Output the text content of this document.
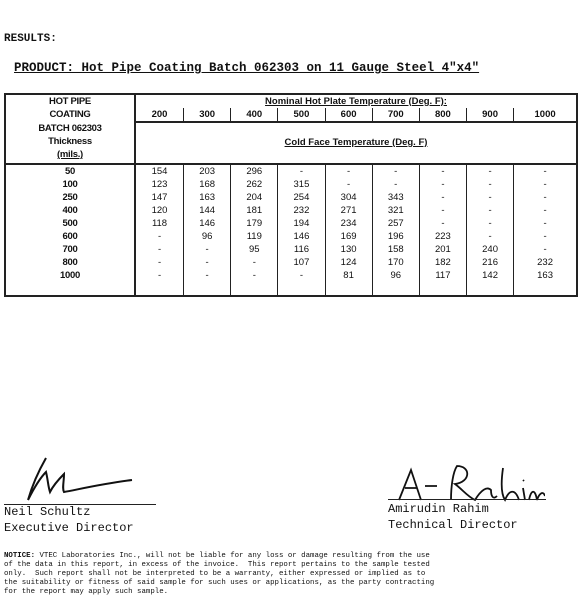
RESULTS:
PRODUCT: Hot Pipe Coating Batch 062303 on 11 Gauge Steel 4"x4"
HOT PIPE	Nominal Hot Plate Temperature (Deg. F):								
COATING	200	300	400	500	600	700	800	900	1000

BATCH 062303
Thickness
(mils.)	Cold Face Temperature (Deg. F)								
50	154	203	296	-	-	-	-	-	-
100	123	168	262	315	-	-	-	-	-
250	147	163	204	254	304	343	-	-	-
400	120	144	181	232	271	321	-	-	-
500	118	146	179	194	234	257	-	-	-
600	-	96	119	146	169	196	223	-	-
700	-	-	95	116	130	158	201	240	-
800	-	-	-	107	124	170	182	216	232
1000	-	-	-	-	81	96	117	142	163

Neil Schultz
Executive Director
Amirudin Rahim
Technical Director
NOTICE: VTEC Laboratories Inc., will not be liable for any loss or damage resulting from the use
of the data in this report, in excess of the invoice.  This report pertains to the sample tested
only.  Such report shall not be interpreted to be a warranty, either expressed or implied as to
the suitability or fitness of said sample for such uses or applications, as the party contracting
for the report may apply such sample.
